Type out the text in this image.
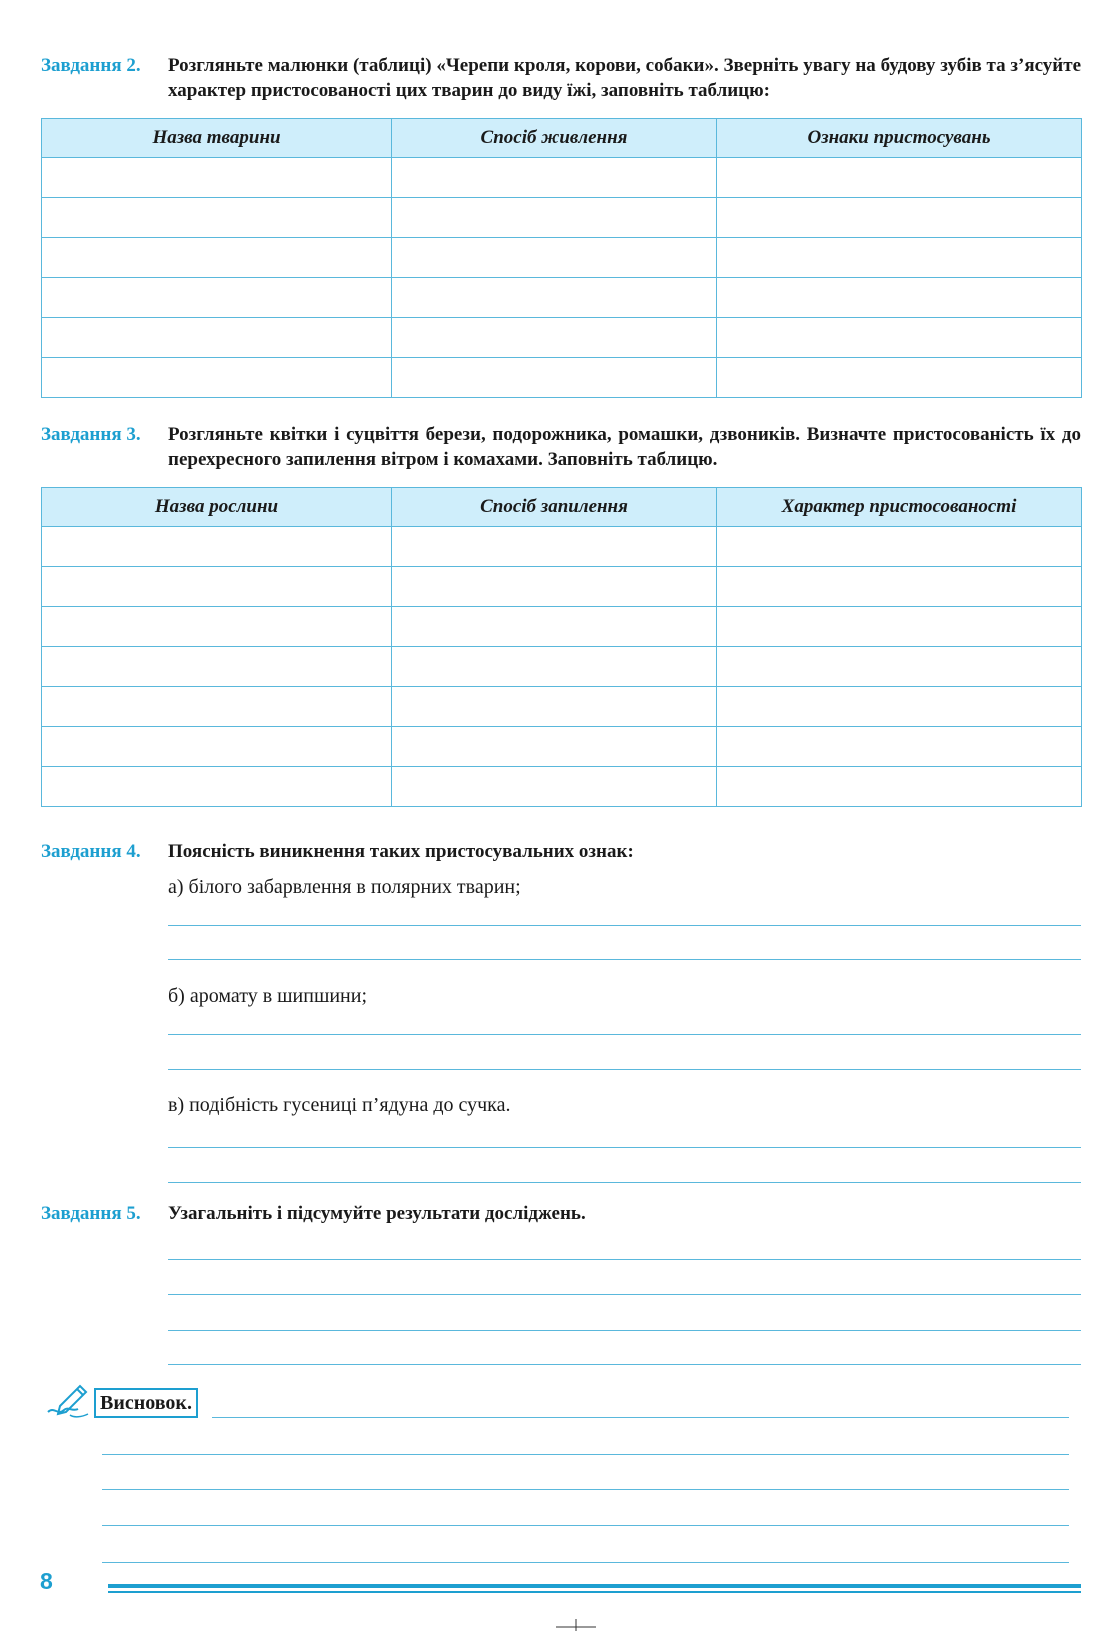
Завдання 2. Розгляньте малюнки (таблиці) «Черепи кроля, корови, собаки». Зверніть увагу на будову зубів та з’ясуйте характер пристосованості цих тварин до виду їжі, заповніть таблицю:
Назва тварини	Спосіб живлення	Ознаки пристосувань

Завдання 3. Розгляньте квітки і суцвіття берези, подорожника, ромашки, дзвоників. Визначте пристосованість їх до перехресного запилення вітром і комахами. Заповніть таблицю.
Назва рослини	Спосіб запилення	Характер пристосованості

Завдання 4. Поясність виникнення таких пристосувальних ознак:
а) білого забарвлення в полярних тварин;
б) аромату в шипшини;
в) подібність гусениці п’ядуна до сучка.
Завдання 5. Узагальніть і підсумуйте результати досліджень.
Висновок.
8
